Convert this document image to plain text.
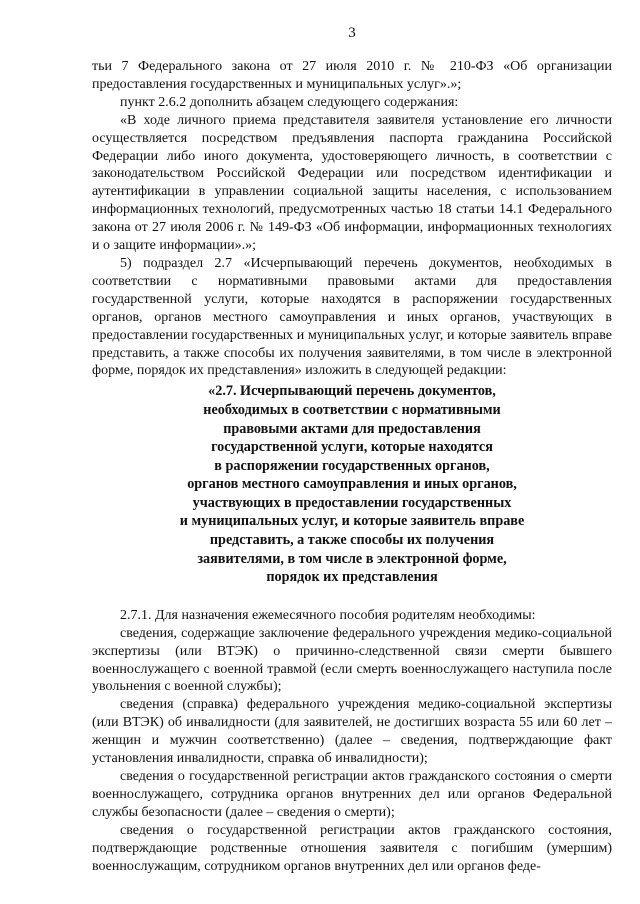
3

тьи 7 Федерального закона от 27 июля 2010 г. № 210-ФЗ «Об организации предоставления государственных и муниципальных услуг».»;

пункт 2.6.2 дополнить абзацем следующего содержания:

«В ходе личного приема представителя заявителя установление его личности осуществляется посредством предъявления паспорта гражданина Российской Федерации либо иного документа, удостоверяющего личность, в соответствии с законодательством Российской Федерации или посредством идентификации и аутентификации в управлении социальной защиты населения, с использованием информационных технологий, предусмотренных частью 18 статьи 14.1 Федерального закона от 27 июля 2006 г. № 149-ФЗ «Об информации, информационных технологиях и о защите информации».»;

5) подраздел 2.7 «Исчерпывающий перечень документов, необходимых в соответствии с нормативными правовыми актами для предоставления государственной услуги, которые находятся в распоряжении государственных органов, органов местного самоуправления и иных органов, участвующих в предоставлении государственных и муниципальных услуг, и которые заявитель вправе представить, а также способы их получения заявителями, в том числе в электронной форме, порядок их представления» изложить в следующей редакции:

«2.7. Исчерпывающий перечень документов,
необходимых в соответствии с нормативными
правовыми актами для предоставления
государственной услуги, которые находятся
в распоряжении государственных органов,
органов местного самоуправления и иных органов,
участвующих в предоставлении государственных
и муниципальных услуг, и которые заявитель вправе
представить, а также способы их получения
заявителями, в том числе в электронной форме,
порядок их представления

2.7.1. Для назначения ежемесячного пособия родителям необходимы:

сведения, содержащие заключение федерального учреждения медико-социальной экспертизы (или ВТЭК) о причинно-следственной связи смерти бывшего военнослужащего с военной травмой (если смерть военнослужащего наступила после увольнения с военной службы);

сведения (справка) федерального учреждения медико-социальной экспертизы (или ВТЭК) об инвалидности (для заявителей, не достигших возраста 55 или 60 лет – женщин и мужчин соответственно) (далее – сведения, подтверждающие факт установления инвалидности, справка об инвалидности);

сведения о государственной регистрации актов гражданского состояния о смерти военнослужащего, сотрудника органов внутренних дел или органов Федеральной службы безопасности (далее – сведения о смерти);

сведения о государственной регистрации актов гражданского состояния, подтверждающие родственные отношения заявителя с погибшим (умершим) военнослужащим, сотрудником органов внутренних дел или органов феде-
